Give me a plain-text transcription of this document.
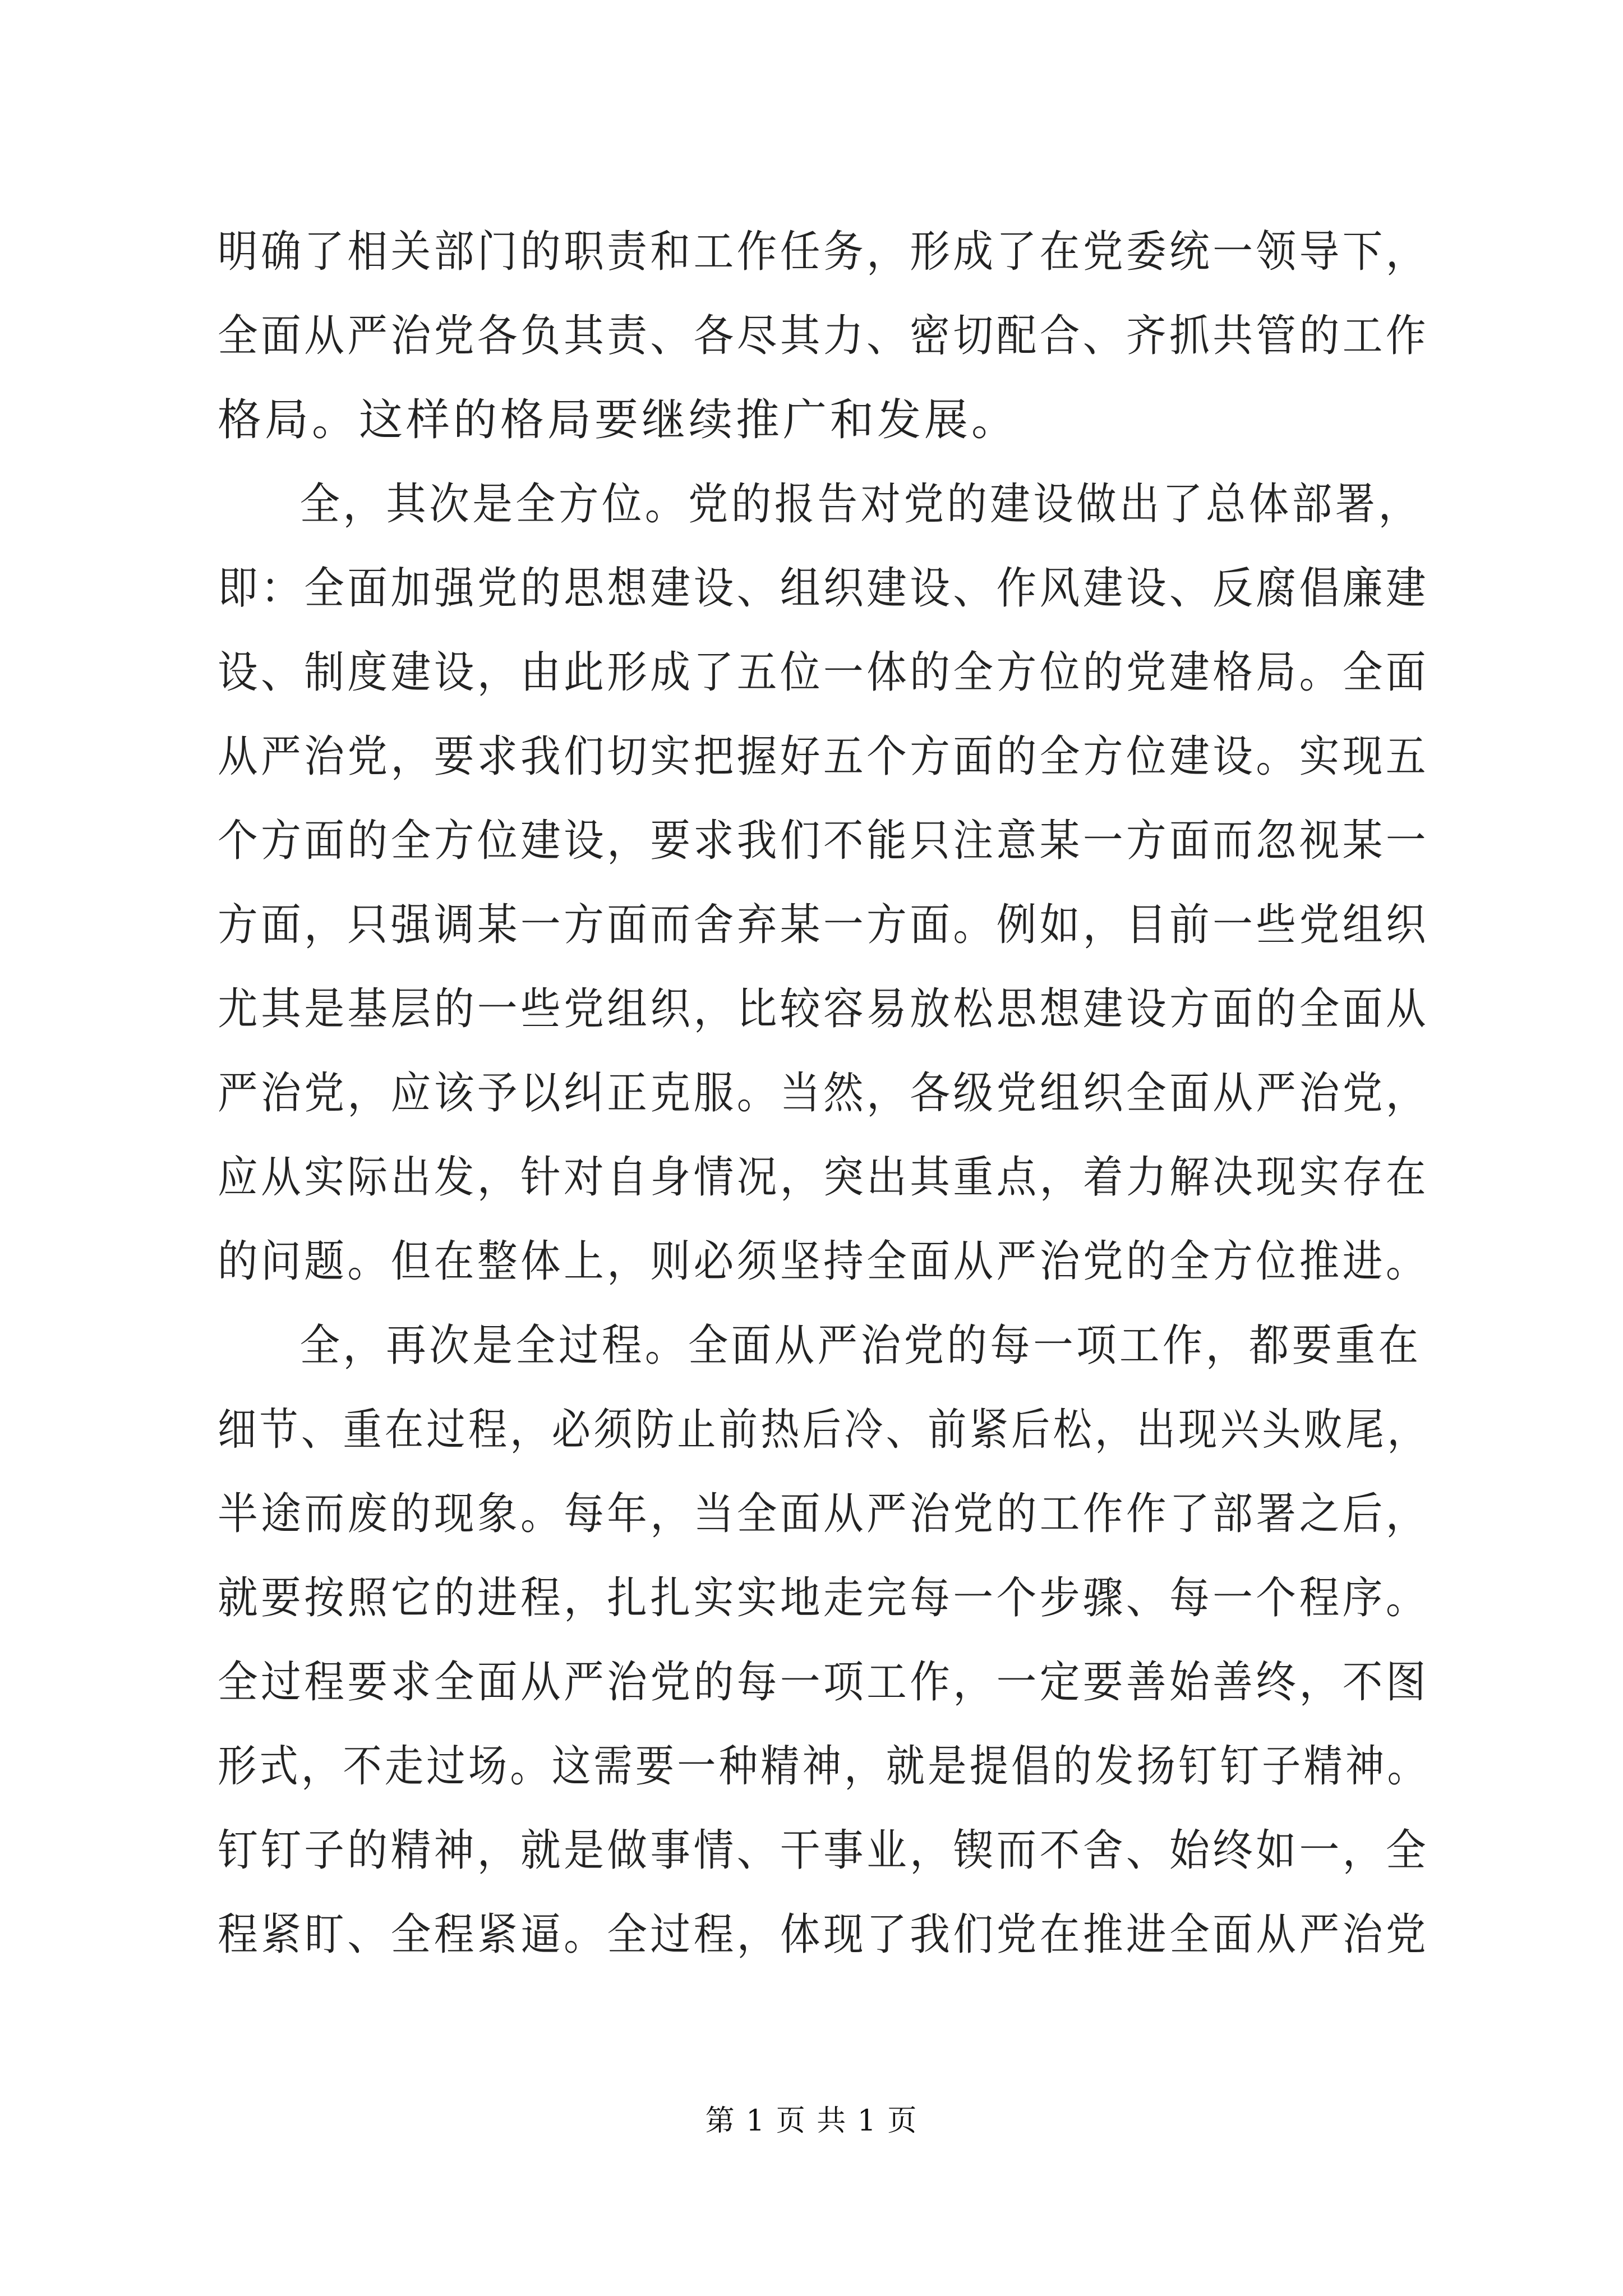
明确了相关部门的职责和工作任务，形成了在党委统一领导下，
全面从严治党各负其责、各尽其力、密切配合、齐抓共管的工作
格局。这样的格局要继续推广和发展。
全，其次是全方位。党的报告对党的建设做出了总体部署，
即：全面加强党的思想建设、组织建设、作风建设、反腐倡廉建
设、制度建设，由此形成了五位一体的全方位的党建格局。全面
从严治党，要求我们切实把握好五个方面的全方位建设。实现五
个方面的全方位建设，要求我们不能只注意某一方面而忽视某一
方面，只强调某一方面而舍弃某一方面。例如，目前一些党组织
尤其是基层的一些党组织，比较容易放松思想建设方面的全面从
严治党，应该予以纠正克服。当然，各级党组织全面从严治党，
应从实际出发，针对自身情况，突出其重点，着力解决现实存在
的问题。但在整体上，则必须坚持全面从严治党的全方位推进。
全，再次是全过程。全面从严治党的每一项工作，都要重在
细节、重在过程，必须防止前热后冷、前紧后松，出现兴头败尾，
半途而废的现象。每年，当全面从严治党的工作作了部署之后，
就要按照它的进程，扎扎实实地走完每一个步骤、每一个程序。
全过程要求全面从严治党的每一项工作，一定要善始善终，不图
形式，不走过场。这需要一种精神，就是提倡的发扬钉钉子精神。
钉钉子的精神，就是做事情、干事业，锲而不舍、始终如一，全
程紧盯、全程紧逼。全过程，体现了我们党在推进全面从严治党
第 1 页 共 1 页
